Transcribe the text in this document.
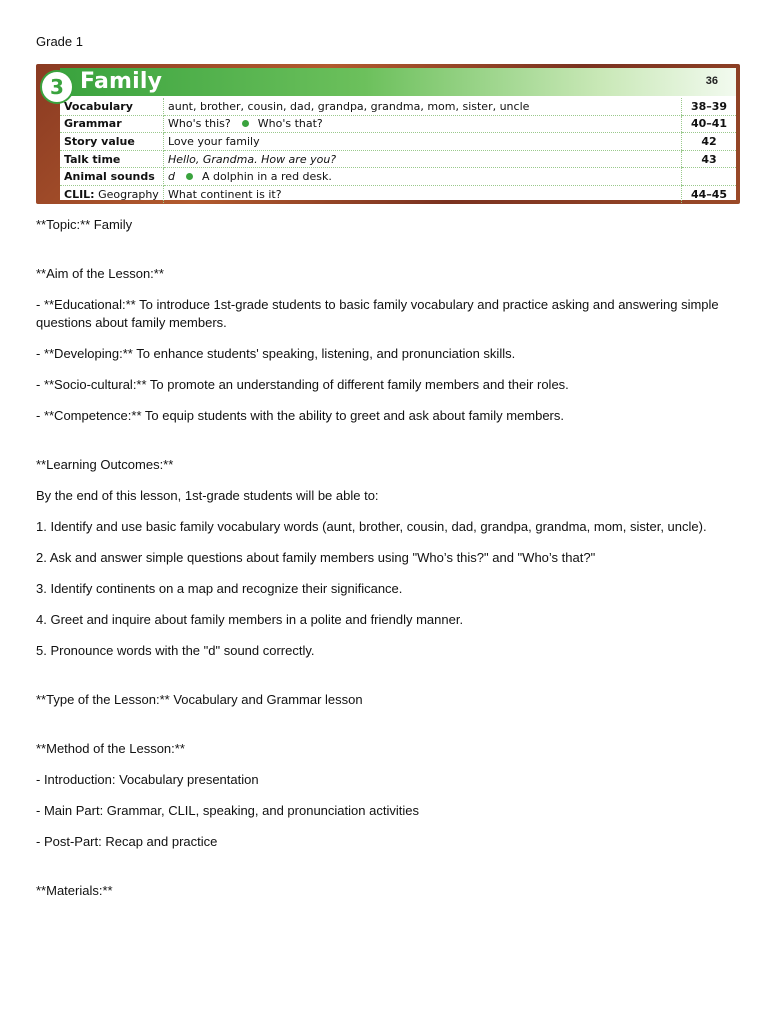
Grade 1
3 Family	36
Vocabulary	aunt, brother, cousin, dad, grandpa, grandma, mom, sister, uncle	38–39
Grammar	Who's this? Who's that?	40–41
Story value	Love your family	42
Talk time	Hello, Grandma. How are you?	43
Animal sounds	d A dolphin in a red desk.	
CLIL: Geography	What continent is it?	44–45

**Topic:** Family

**Aim of the Lesson:**

- **Educational:** To introduce 1st-grade students to basic family vocabulary and practice asking and answering simple questions about family members.

- **Developing:** To enhance students' speaking, listening, and pronunciation skills.

- **Socio-cultural:** To promote an understanding of different family members and their roles.

- **Competence:** To equip students with the ability to greet and ask about family members.

**Learning Outcomes:**

By the end of this lesson, 1st-grade students will be able to:

1. Identify and use basic family vocabulary words (aunt, brother, cousin, dad, grandpa, grandma, mom, sister, uncle).

2. Ask and answer simple questions about family members using "Who’s this?" and "Who’s that?"

3. Identify continents on a map and recognize their significance.

4. Greet and inquire about family members in a polite and friendly manner.

5. Pronounce words with the "d" sound correctly.

**Type of the Lesson:** Vocabulary and Grammar lesson

**Method of the Lesson:**

- Introduction: Vocabulary presentation

- Main Part: Grammar, CLIL, speaking, and pronunciation activities

- Post-Part: Recap and practice

**Materials:**
